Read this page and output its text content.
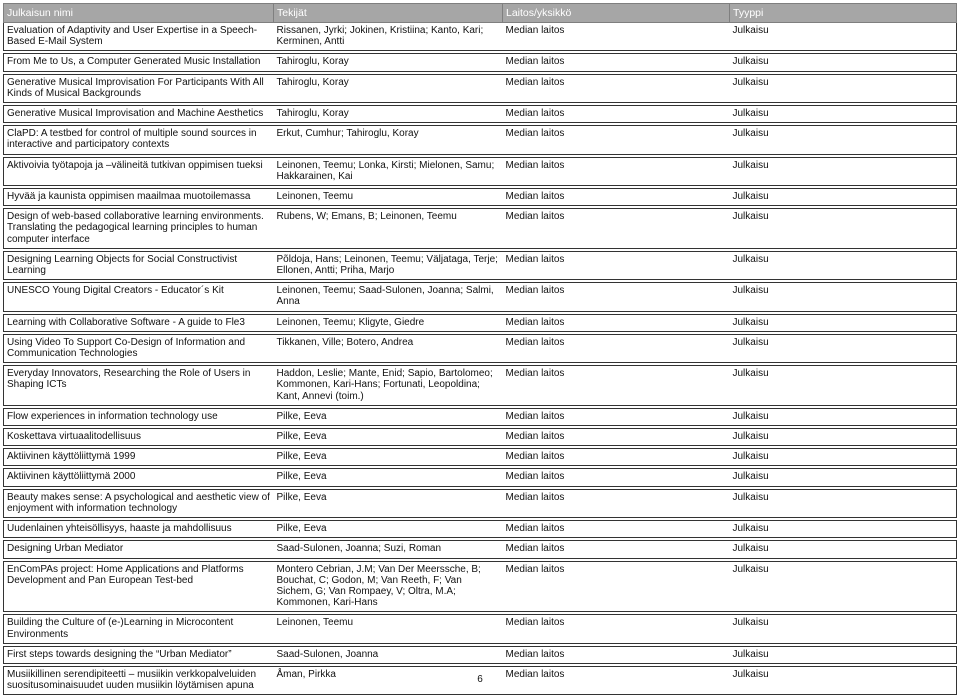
Julkaisun nimi	Tekijät	Laitos/yksikkö	Tyyppi
Evaluation of Adaptivity and User Expertise in a Speech-Based E-Mail System	Rissanen, Jyrki; Jokinen, Kristiina; Kanto, Kari; Kerminen, Antti	Median laitos	Julkaisu

From Me to Us, a Computer Generated Music Installation	Tahiroglu, Koray	Median laitos	Julkaisu

Generative Musical Improvisation For Participants With All Kinds of Musical Backgrounds	Tahiroglu, Koray	Median laitos	Julkaisu

Generative Musical Improvisation and Machine Aesthetics	Tahiroglu, Koray	Median laitos	Julkaisu

ClaPD: A testbed for control of multiple sound sources in interactive and participatory contexts	Erkut, Cumhur; Tahiroglu, Koray	Median laitos	Julkaisu

Aktivoivia työtapoja ja –välineitä tutkivan oppimisen tueksi	Leinonen, Teemu; Lonka, Kirsti; Mielonen, Samu; Hakkarainen, Kai	Median laitos	Julkaisu

Hyvää ja kaunista oppimisen maailmaa muotoilemassa	Leinonen, Teemu	Median laitos	Julkaisu

Design of web-based collaborative learning environments. Translating the pedagogical learning principles to human computer interface	Rubens, W; Emans, B; Leinonen, Teemu	Median laitos	Julkaisu

Designing Learning Objects for Social Constructivist Learning	Põldoja, Hans; Leinonen, Teemu; Väljataga, Terje; Ellonen, Antti; Priha, Marjo	Median laitos	Julkaisu

UNESCO Young Digital Creators - Educator´s Kit	Leinonen, Teemu; Saad-Sulonen, Joanna; Salmi, Anna	Median laitos	Julkaisu

Learning with Collaborative Software - A guide to Fle3	Leinonen, Teemu; Kligyte, Giedre	Median laitos	Julkaisu

Using Video To Support Co-Design of Information and Communication Technologies	Tikkanen, Ville; Botero, Andrea	Median laitos	Julkaisu

Everyday Innovators, Researching the Role of Users in Shaping ICTs	Haddon, Leslie; Mante, Enid; Sapio, Bartolomeo; Kommonen, Kari-Hans; Fortunati, Leopoldina; Kant, Annevi (toim.)	Median laitos	Julkaisu

Flow experiences in information technology use	Pilke, Eeva	Median laitos	Julkaisu

Koskettava virtuaalitodellisuus	Pilke, Eeva	Median laitos	Julkaisu

Aktiivinen käyttöliittymä 1999	Pilke, Eeva	Median laitos	Julkaisu

Aktiivinen käyttöliittymä 2000	Pilke, Eeva	Median laitos	Julkaisu

Beauty makes sense: A psychological and aesthetic view of enjoyment with information technology	Pilke, Eeva	Median laitos	Julkaisu

Uudenlainen yhteisöllisyys, haaste ja mahdollisuus	Pilke, Eeva	Median laitos	Julkaisu

Designing Urban Mediator	Saad-Sulonen, Joanna; Suzi, Roman	Median laitos	Julkaisu

EnComPAs project: Home Applications and Platforms Development and Pan European Test-bed	Montero Cebrian, J.M; Van Der Meerssche, B; Bouchat, C; Godon, M; Van Reeth, F; Van Sichem, G; Van Rompaey, V; Oltra, M.A; Kommonen, Kari-Hans	Median laitos	Julkaisu

Building the Culture of (e-)Learning in Microcontent Environments	Leinonen, Teemu	Median laitos	Julkaisu

First steps towards designing the “Urban Mediator”	Saad-Sulonen, Joanna	Median laitos	Julkaisu

Musiikillinen serendipiteetti – musiikin verkkopalveluiden suositusominaisuudet uuden musiikin löytämisen apuna	Åman, Pirkka	Median laitos	Julkaisu
6
